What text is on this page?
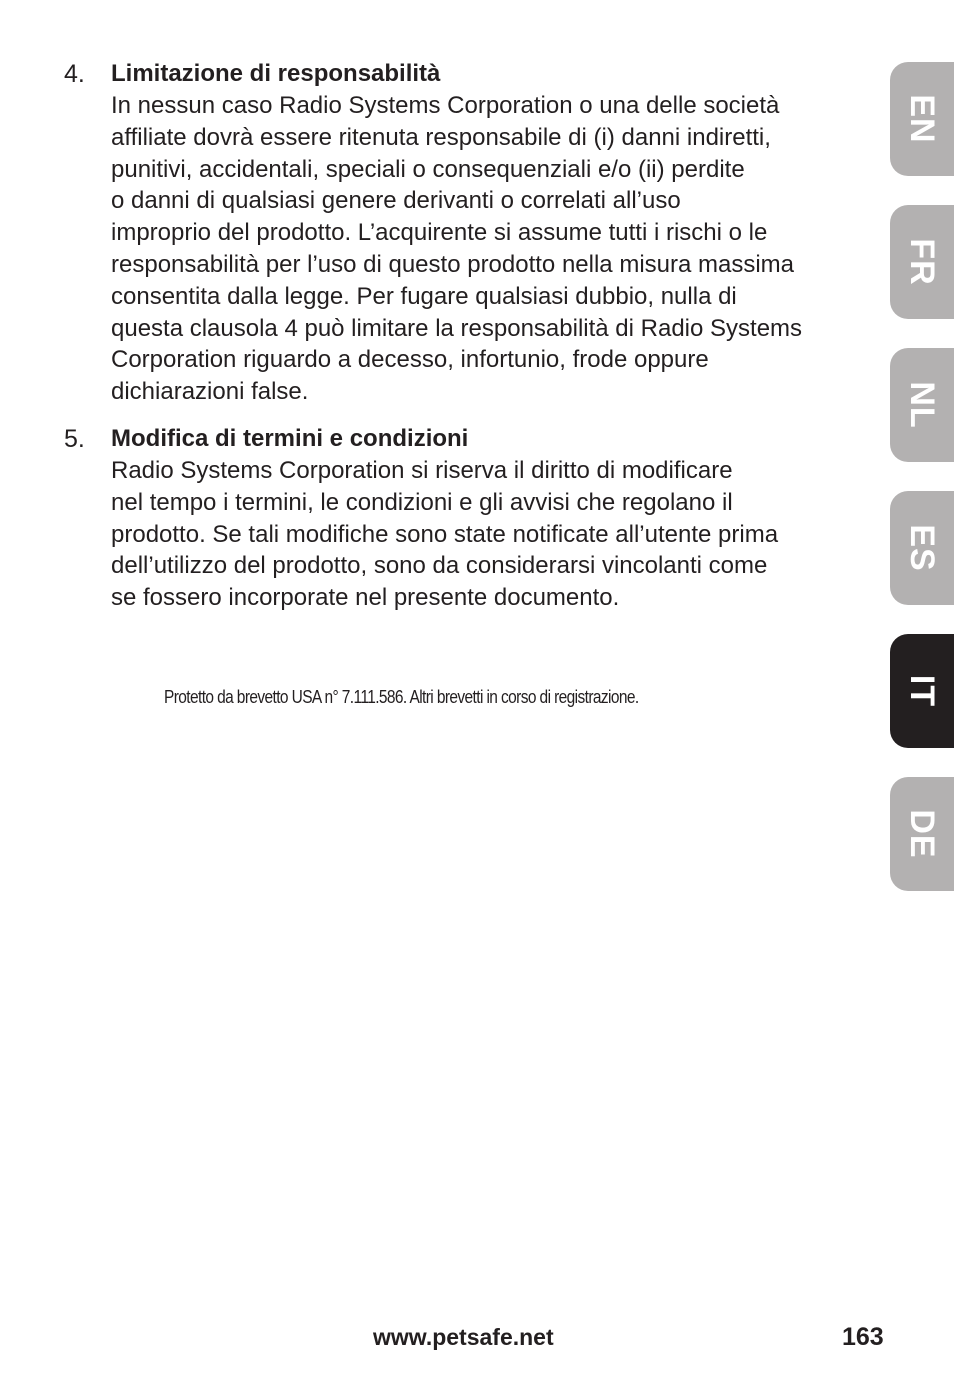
4. Limitazione di responsabilità
In nessun caso Radio Systems Corporation o una delle società
affiliate dovrà essere ritenuta responsabile di (i) danni indiretti,
punitivi, accidentali, speciali o consequenziali e/o (ii) perdite
o danni di qualsiasi genere derivanti o correlati all’uso
improprio del prodotto. L’acquirente si assume tutti i rischi o le
responsabilità per l’uso di questo prodotto nella misura massima
consentita dalla legge. Per fugare qualsiasi dubbio, nulla di
questa clausola 4 può limitare la responsabilità di Radio Systems
Corporation riguardo a decesso, infortunio, frode oppure
dichiarazioni false.
5. Modifica di termini e condizioni
Radio Systems Corporation si riserva il diritto di modificare
nel tempo i termini, le condizioni e gli avvisi che regolano il
prodotto. Se tali modifiche sono state notificate all’utente prima
dell’utilizzo del prodotto, sono da considerarsi vincolanti come
se fossero incorporate nel presente documento.
Protetto da brevetto USA n° 7.111.586. Altri brevetti in corso di registrazione.
www.petsafe.net	163
EN
FR
NL
ES
IT
DE
